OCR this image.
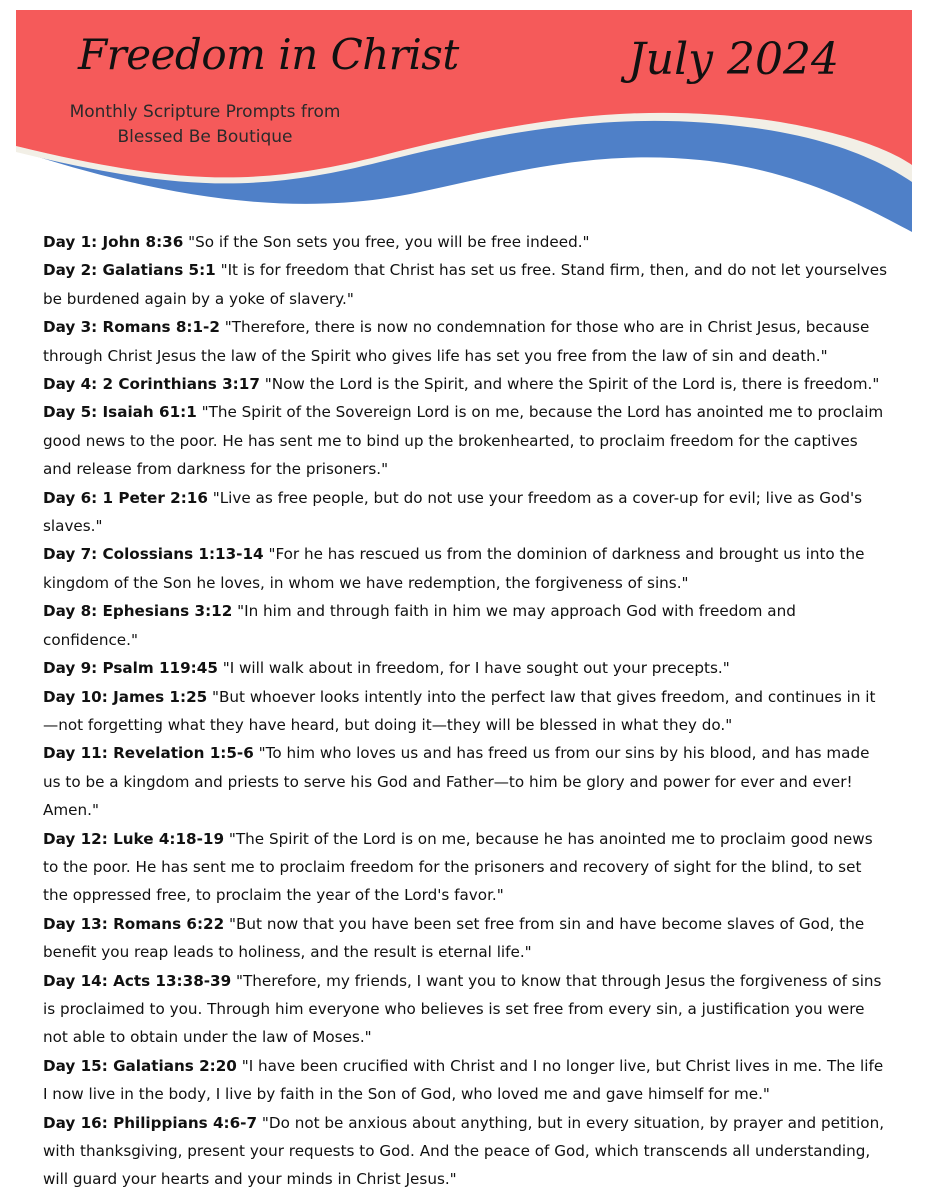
Freedom in Christ
Monthly Scripture Prompts from
Blessed Be Boutique
July 2024

Day 1: John 8:36 "So if the Son sets you free, you will be free indeed."

Day 2: Galatians 5:1 "It is for freedom that Christ has set us free. Stand firm, then, and do not let yourselves be burdened again by a yoke of slavery."

Day 3: Romans 8:1-2 "Therefore, there is now no condemnation for those who are in Christ Jesus, because through Christ Jesus the law of the Spirit who gives life has set you free from the law of sin and death."

Day 4: 2 Corinthians 3:17 "Now the Lord is the Spirit, and where the Spirit of the Lord is, there is freedom."

Day 5: Isaiah 61:1 "The Spirit of the Sovereign Lord is on me, because the Lord has anointed me to proclaim good news to the poor. He has sent me to bind up the brokenhearted, to proclaim freedom for the captives and release from darkness for the prisoners."

Day 6: 1 Peter 2:16 "Live as free people, but do not use your freedom as a cover-up for evil; live as God's slaves."

Day 7: Colossians 1:13-14 "For he has rescued us from the dominion of darkness and brought us into the kingdom of the Son he loves, in whom we have redemption, the forgiveness of sins."

Day 8: Ephesians 3:12 "In him and through faith in him we may approach God with freedom and confidence."

Day 9: Psalm 119:45 "I will walk about in freedom, for I have sought out your precepts."

Day 10: James 1:25 "But whoever looks intently into the perfect law that gives freedom, and continues in it—not forgetting what they have heard, but doing it—they will be blessed in what they do."

Day 11: Revelation 1:5-6 "To him who loves us and has freed us from our sins by his blood, and has made us to be a kingdom and priests to serve his God and Father—to him be glory and power for ever and ever! Amen."

Day 12: Luke 4:18-19 "The Spirit of the Lord is on me, because he has anointed me to proclaim good news to the poor. He has sent me to proclaim freedom for the prisoners and recovery of sight for the blind, to set the oppressed free, to proclaim the year of the Lord's favor."

Day 13: Romans 6:22 "But now that you have been set free from sin and have become slaves of God, the benefit you reap leads to holiness, and the result is eternal life."

Day 14: Acts 13:38-39 "Therefore, my friends, I want you to know that through Jesus the forgiveness of sins is proclaimed to you. Through him everyone who believes is set free from every sin, a justification you were not able to obtain under the law of Moses."

Day 15: Galatians 2:20 "I have been crucified with Christ and I no longer live, but Christ lives in me. The life I now live in the body, I live by faith in the Son of God, who loved me and gave himself for me."

Day 16: Philippians 4:6-7 "Do not be anxious about anything, but in every situation, by prayer and petition, with thanksgiving, present your requests to God. And the peace of God, which transcends all understanding, will guard your hearts and your minds in Christ Jesus."
